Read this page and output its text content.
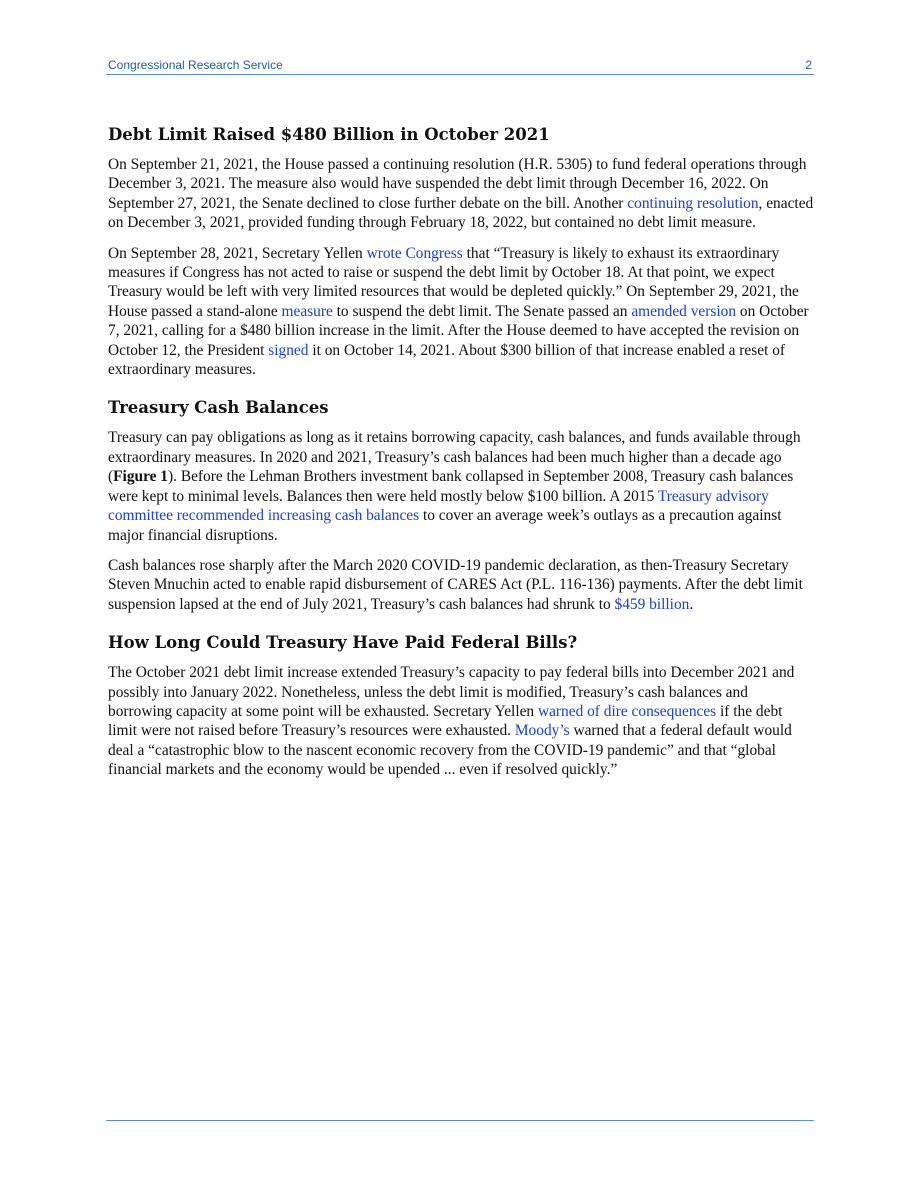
Congressional Research Service	2
Debt Limit Raised $480 Billion in October 2021

On September 21, 2021, the House passed a continuing resolution (H.R. 5305) to fund federal operations through December 3, 2021. The measure also would have suspended the debt limit through December 16, 2022. On September 27, 2021, the Senate declined to close further debate on the bill. Another continuing resolution, enacted on December 3, 2021, provided funding through February 18, 2022, but contained no debt limit measure.

On September 28, 2021, Secretary Yellen wrote Congress that “Treasury is likely to exhaust its extraordinary measures if Congress has not acted to raise or suspend the debt limit by October 18. At that point, we expect Treasury would be left with very limited resources that would be depleted quickly.” On September 29, 2021, the House passed a stand-alone measure to suspend the debt limit. The Senate passed an amended version on October 7, 2021, calling for a $480 billion increase in the limit. After the House deemed to have accepted the revision on October 12, the President signed it on October 14, 2021. About $300 billion of that increase enabled a reset of extraordinary measures.

Treasury Cash Balances

Treasury can pay obligations as long as it retains borrowing capacity, cash balances, and funds available through extraordinary measures. In 2020 and 2021, Treasury’s cash balances had been much higher than a decade ago (Figure 1). Before the Lehman Brothers investment bank collapsed in September 2008, Treasury cash balances were kept to minimal levels. Balances then were held mostly below $100 billion. A 2015 Treasury advisory committee recommended increasing cash balances to cover an average week’s outlays as a precaution against major financial disruptions.

Cash balances rose sharply after the March 2020 COVID-19 pandemic declaration, as then-Treasury Secretary Steven Mnuchin acted to enable rapid disbursement of CARES Act (P.L. 116-136) payments. After the debt limit suspension lapsed at the end of July 2021, Treasury’s cash balances had shrunk to $459 billion.

How Long Could Treasury Have Paid Federal Bills?

The October 2021 debt limit increase extended Treasury’s capacity to pay federal bills into December 2021 and possibly into January 2022. Nonetheless, unless the debt limit is modified, Treasury’s cash balances and borrowing capacity at some point will be exhausted. Secretary Yellen warned of dire consequences if the debt limit were not raised before Treasury’s resources were exhausted. Moody’s warned that a federal default would deal a “catastrophic blow to the nascent economic recovery from the COVID-19 pandemic” and that “global financial markets and the economy would be upended ... even if resolved quickly.”
